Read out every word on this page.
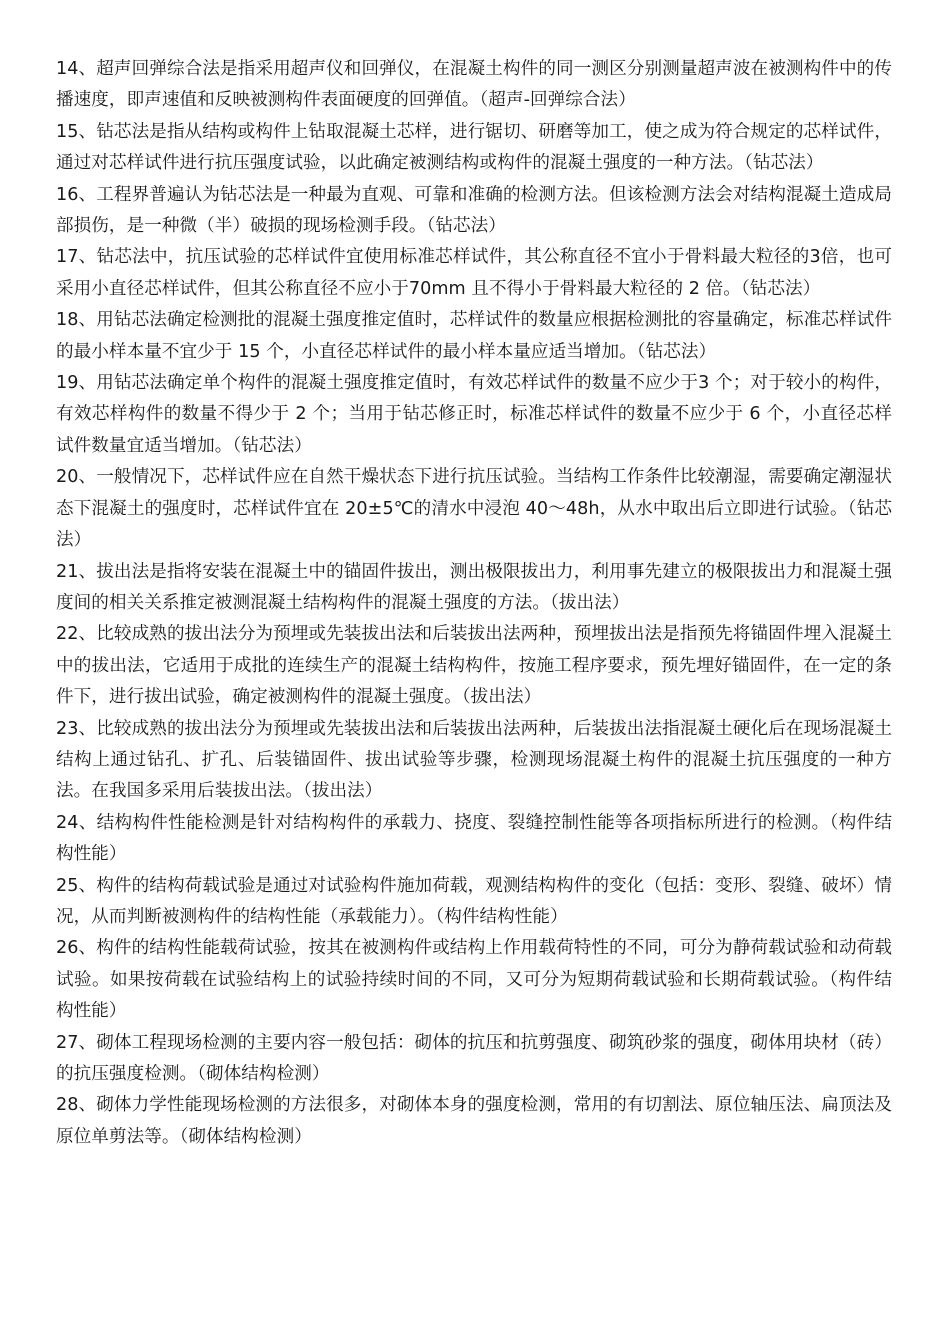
14、超声回弹综合法是指采用超声仪和回弹仪，在混凝土构件的同一测区分别测量超声波在被测构件中的传播速度，即声速值和反映被测构件表面硬度的回弹值。（超声-回弹综合法）

15、钻芯法是指从结构或构件上钻取混凝土芯样，进行锯切、研磨等加工，使之成为符合规定的芯样试件，通过对芯样试件进行抗压强度试验，以此确定被测结构或构件的混凝土强度的一种方法。（钻芯法）

16、工程界普遍认为钻芯法是一种最为直观、可靠和准确的检测方法。但该检测方法会对结构混凝土造成局部损伤，是一种微（半）破损的现场检测手段。（钻芯法）

17、钻芯法中，抗压试验的芯样试件宜使用标准芯样试件，其公称直径不宜小于骨料最大粒径的3倍，也可采用小直径芯样试件，但其公称直径不应小于70mm 且不得小于骨料最大粒径的 2 倍。（钻芯法）

18、用钻芯法确定检测批的混凝土强度推定值时，芯样试件的数量应根据检测批的容量确定，标准芯样试件的最小样本量不宜少于 15 个，小直径芯样试件的最小样本量应适当增加。（钻芯法）

19、用钻芯法确定单个构件的混凝土强度推定值时，有效芯样试件的数量不应少于3 个；对于较小的构件，有效芯样构件的数量不得少于 2 个；当用于钻芯修正时，标准芯样试件的数量不应少于 6 个，小直径芯样试件数量宜适当增加。（钻芯法）

20、一般情况下，芯样试件应在自然干燥状态下进行抗压试验。当结构工作条件比较潮湿，需要确定潮湿状态下混凝土的强度时，芯样试件宜在 20±5℃的清水中浸泡 40～48h，从水中取出后立即进行试验。（钻芯法）

21、拔出法是指将安装在混凝土中的锚固件拔出，测出极限拔出力，利用事先建立的极限拔出力和混凝土强度间的相关关系推定被测混凝土结构构件的混凝土强度的方法。（拔出法）

22、比较成熟的拔出法分为预埋或先装拔出法和后装拔出法两种，预埋拔出法是指预先将锚固件埋入混凝土中的拔出法，它适用于成批的连续生产的混凝土结构构件，按施工程序要求，预先埋好锚固件，在一定的条件下，进行拔出试验，确定被测构件的混凝土强度。（拔出法）

23、比较成熟的拔出法分为预埋或先装拔出法和后装拔出法两种，后装拔出法指混凝土硬化后在现场混凝土结构上通过钻孔、扩孔、后装锚固件、拔出试验等步骤，检测现场混凝土构件的混凝土抗压强度的一种方法。在我国多采用后装拔出法。（拔出法）

24、结构构件性能检测是针对结构构件的承载力、挠度、裂缝控制性能等各项指标所进行的检测。（构件结构性能）

25、构件的结构荷载试验是通过对试验构件施加荷载，观测结构构件的变化（包括：变形、裂缝、破坏）情况，从而判断被测构件的结构性能（承载能力）。（构件结构性能）

26、构件的结构性能载荷试验，按其在被测构件或结构上作用载荷特性的不同，可分为静荷载试验和动荷载试验。如果按荷载在试验结构上的试验持续时间的不同，又可分为短期荷载试验和长期荷载试验。（构件结构性能）

27、砌体工程现场检测的主要内容一般包括：砌体的抗压和抗剪强度、砌筑砂浆的强度，砌体用块材（砖）的抗压强度检测。（砌体结构检测）

28、砌体力学性能现场检测的方法很多，对砌体本身的强度检测，常用的有切割法、原位轴压法、扁顶法及原位单剪法等。（砌体结构检测）
